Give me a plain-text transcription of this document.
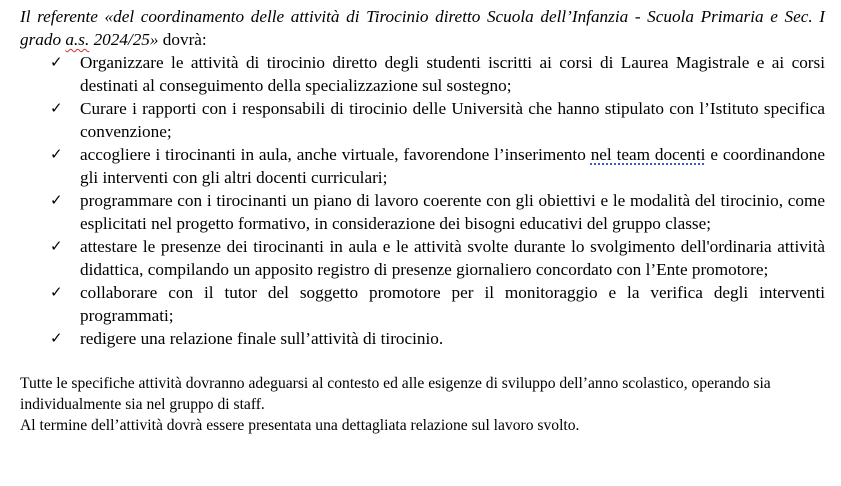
Il referente «del coordinamento delle attività di Tirocinio diretto Scuola dell’Infanzia - Scuola Primaria e Sec. I grado a.s. 2024/25» dovrà:

✓	Organizzare le attività di tirocinio diretto degli studenti iscritti ai corsi di Laurea Magistrale e ai corsi destinati al conseguimento della specializzazione sul sostegno;
✓	Curare i rapporti con i responsabili di tirocinio delle Università che hanno stipulato con l’Istituto specifica convenzione;
✓	accogliere i tirocinanti in aula, anche virtuale, favorendone l’inserimento nel team docenti e coordinandone gli interventi con gli altri docenti curriculari;
✓	programmare con i tirocinanti un piano di lavoro coerente con gli obiettivi e le modalità del tirocinio, come esplicitati nel progetto formativo, in considerazione dei bisogni educativi del gruppo classe;
✓	attestare le presenze dei tirocinanti in aula e le attività svolte durante lo svolgimento dell'ordinaria attività didattica, compilando un apposito registro di presenze giornaliero concordato con l’Ente promotore;
✓	collaborare con il tutor del soggetto promotore per il monitoraggio e la verifica degli interventi programmati;
✓	redigere una relazione finale sull’attività di tirocinio.

Tutte le specifiche attività dovranno adeguarsi al contesto ed alle esigenze di sviluppo dell’anno scolastico, operando sia individualmente sia nel gruppo di staff.

Al termine dell’attività dovrà essere presentata una dettagliata relazione sul lavoro svolto.
